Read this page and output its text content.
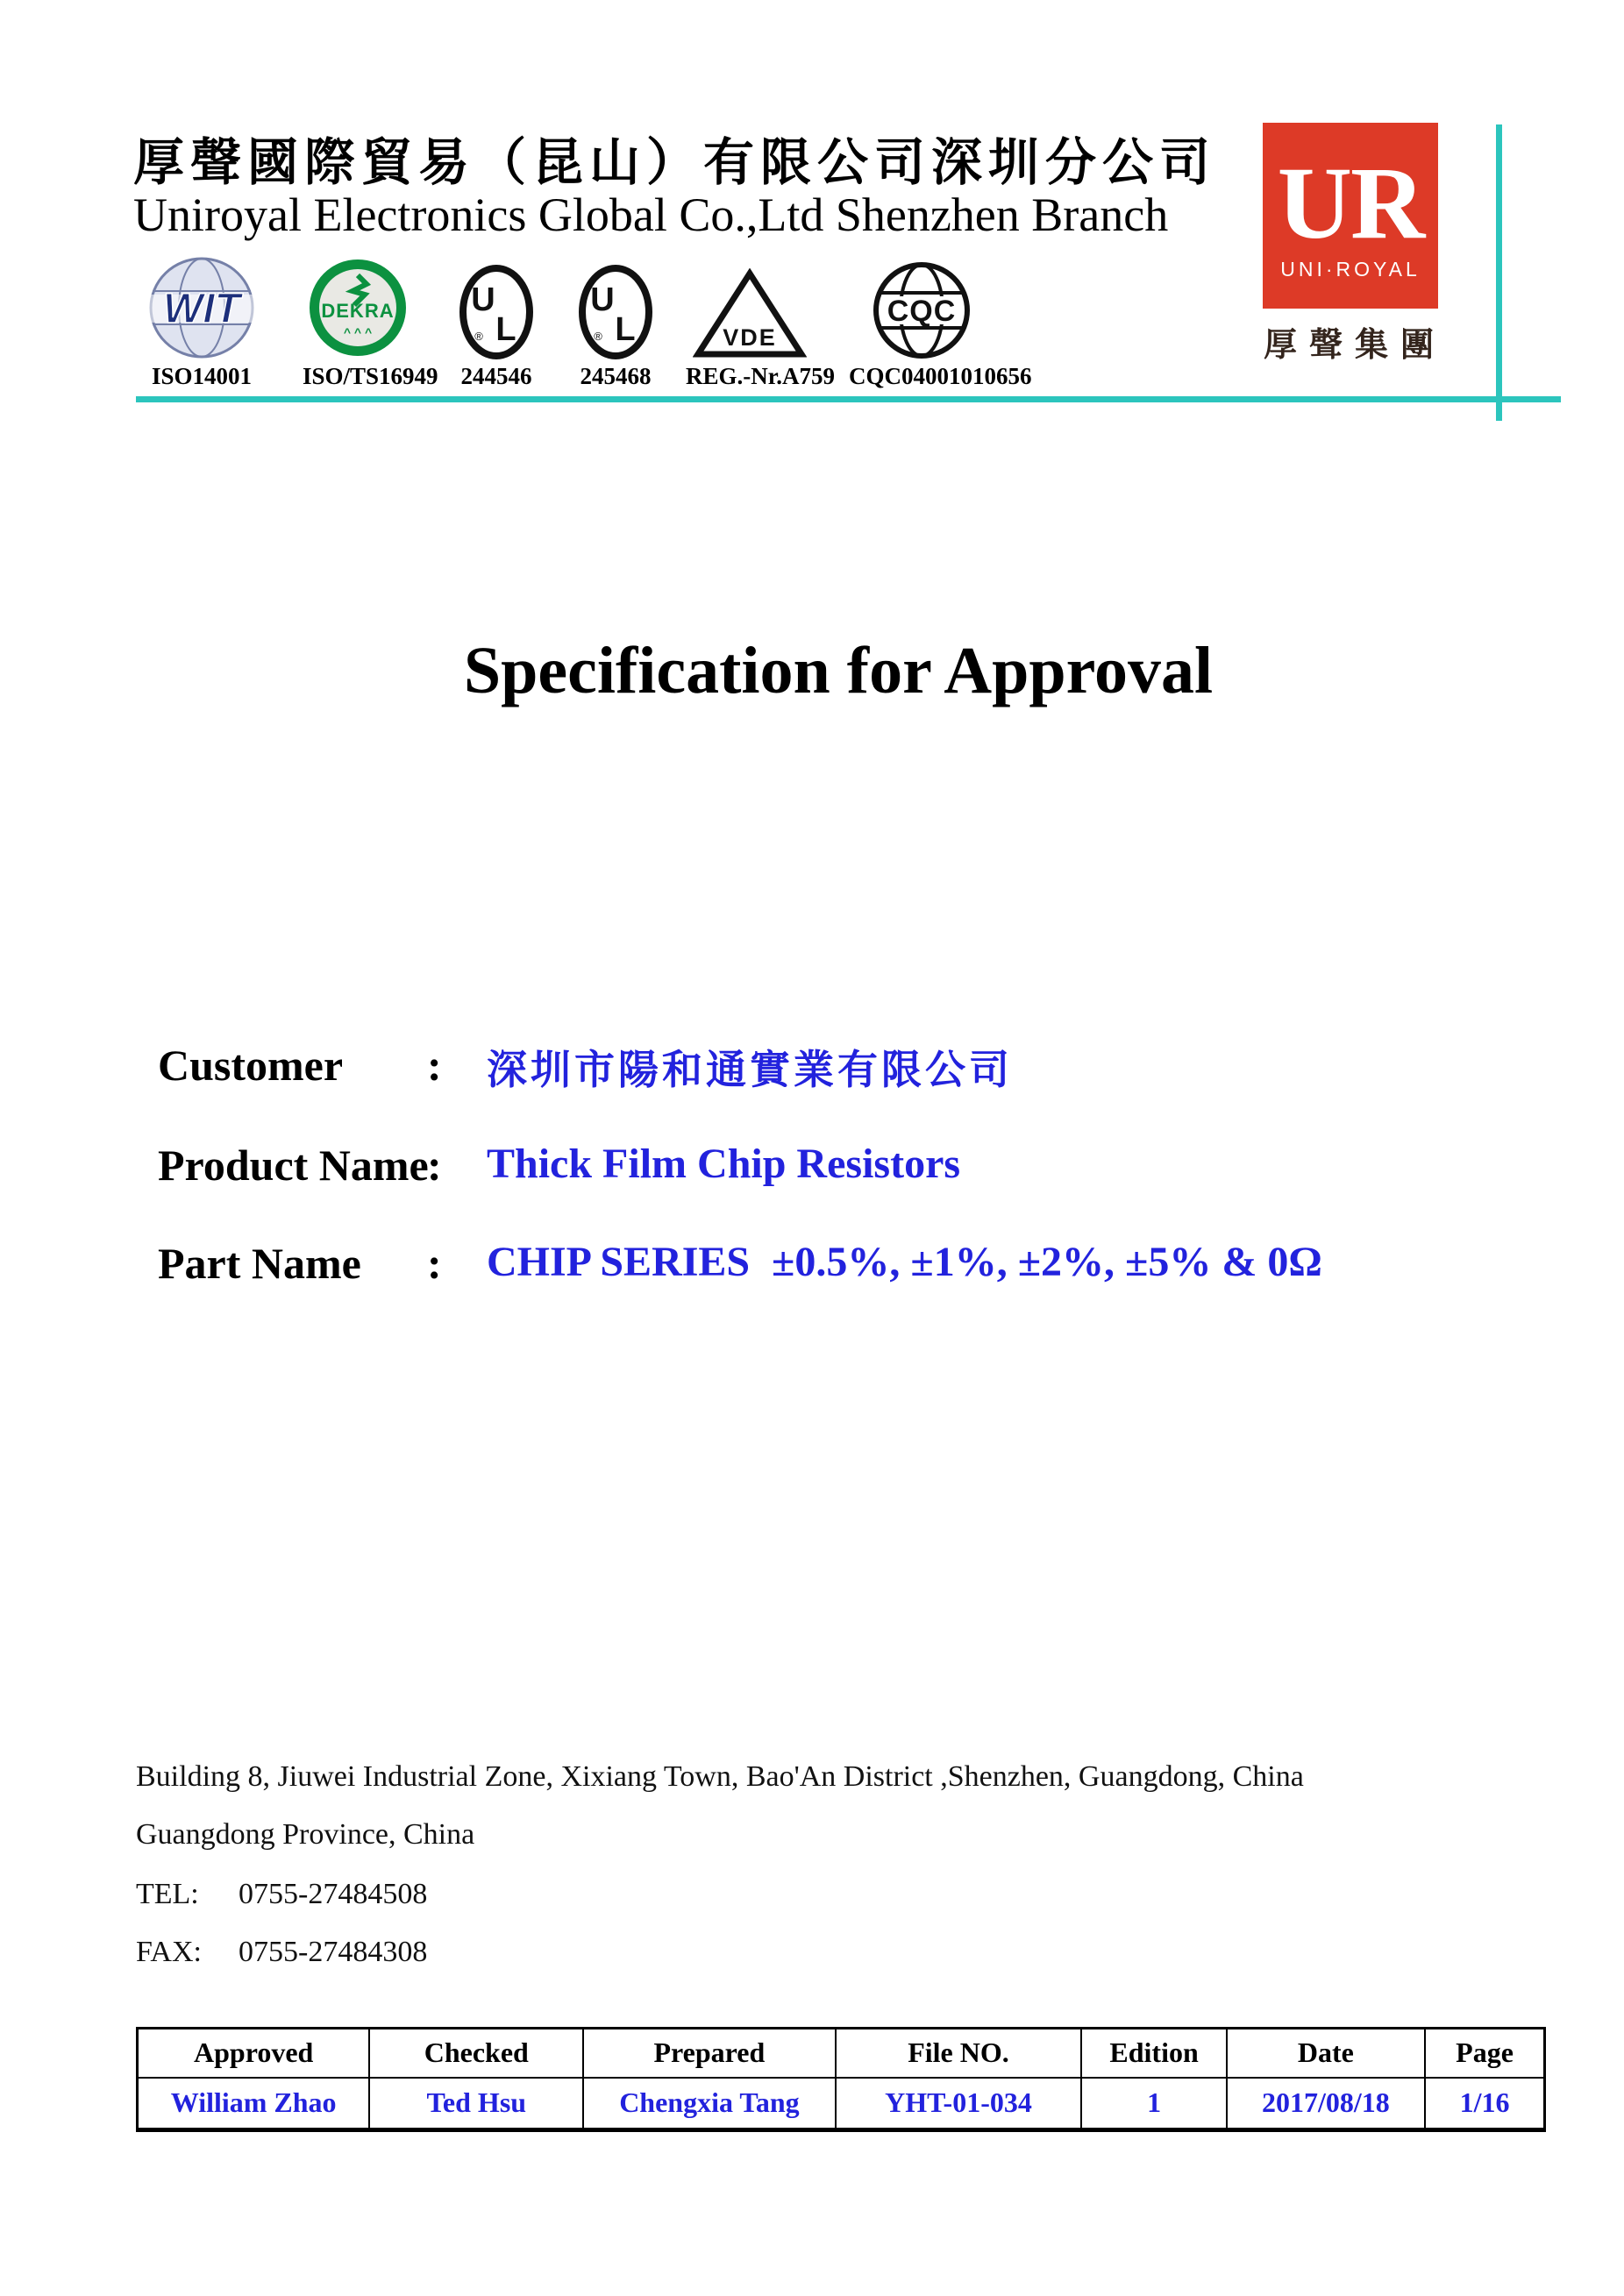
厚聲國際貿易（昆山）有限公司深圳分公司
Uniroyal Electronics Global Co.,Ltd Shenzhen Branch
WIT
ISO14001
DEKRA
^ ^ ^
ISO/TS16949
U
L
®
244546
U
L
®
245468
VDE
REG.-Nr.A759
CQC
CQC04001010656
UR
UNI·ROYAL
厚聲集團
Specification for Approval
Customer : 深圳市陽和通實業有限公司
Product Name
: Thick Film Chip Resistors
Part Name : CHIP SERIES ±0.5%, ±1%, ±2%, ±5% & 0Ω
Building 8, Jiuwei Industrial Zone, Xixiang Town, Bao'An District ,Shenzhen, Guangdong, China
Guangdong Province, China
TEL: 0755-27484508
FAX: 0755-27484308
Approved	Checked	Prepared	File NO.	Edition	Date	Page
William Zhao	Ted Hsu	Chengxia Tang	YHT-01-034	1	2017/08/18	1/16
